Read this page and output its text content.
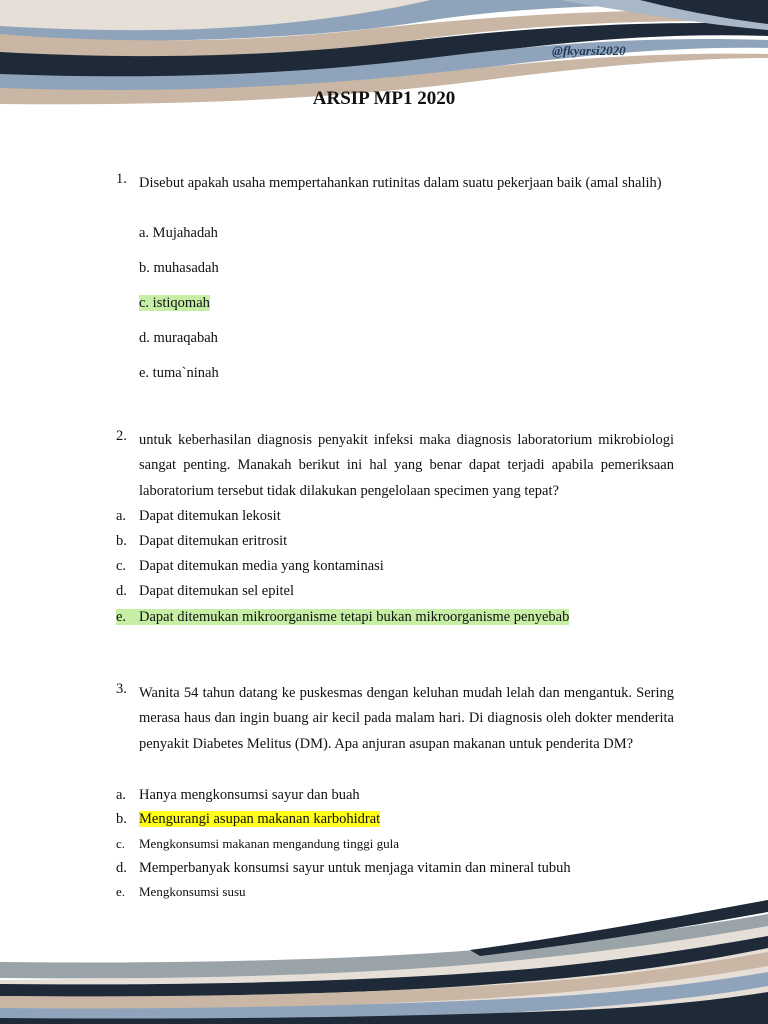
@fkyarsi2020
ARSIP MP1 2020
1. Disebut apakah usaha mempertahankan rutinitas dalam suatu pekerjaan baik (amal shalih)
a. Mujahadah
b. muhasadah
c. istiqomah
d. muraqabah
e. tuma`ninah
2. untuk keberhasilan diagnosis penyakit infeksi maka diagnosis laboratorium mikrobiologi sangat penting. Manakah berikut ini hal yang benar dapat terjadi apabila pemeriksaan laboratorium tersebut tidak dilakukan pengelolaan specimen yang tepat?
a. Dapat ditemukan lekosit
b. Dapat ditemukan eritrosit
c. Dapat ditemukan media yang kontaminasi
d. Dapat ditemukan sel epitel
e. Dapat ditemukan mikroorganisme tetapi bukan mikroorganisme penyebab
3. Wanita 54 tahun datang ke puskesmas dengan keluhan mudah lelah dan mengantuk. Sering merasa haus dan ingin buang air kecil pada malam hari. Di diagnosis oleh dokter menderita penyakit Diabetes Melitus (DM). Apa anjuran asupan makanan untuk penderita DM?
a. Hanya mengkonsumsi sayur dan buah
b. Mengurangi asupan makanan karbohidrat
c. Mengkonsumsi makanan mengandung tinggi gula
d. Memperbanyak konsumsi sayur untuk menjaga vitamin dan mineral tubuh
e. Mengkonsumsi susu
